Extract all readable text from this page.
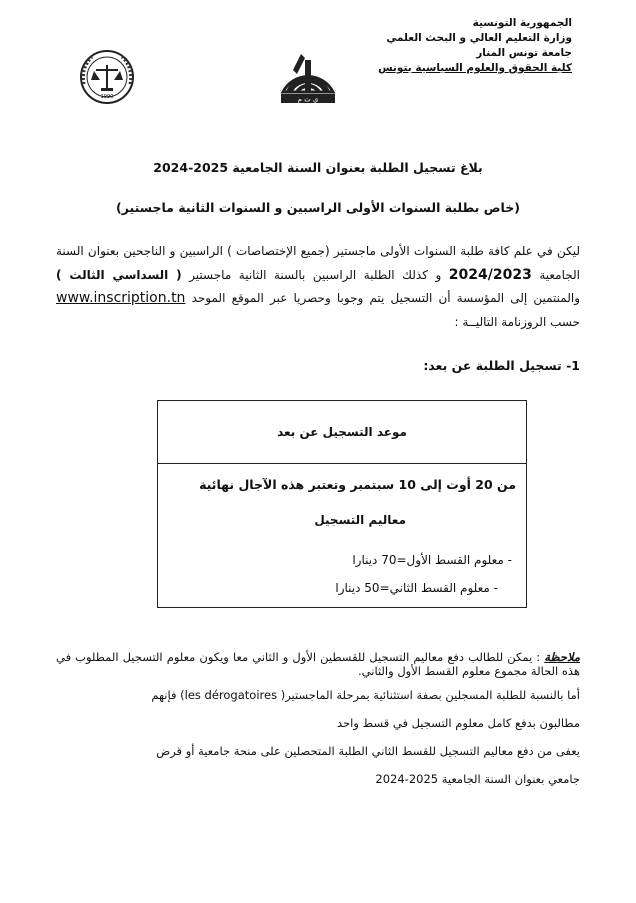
الجمهورية التونسية
وزارة التعليم العالي و البحث العلمي
جامعة تونس المنار
كلية الحقوق والعلوم السياسية بتونس
1990	ي ت م
بلاغ تسجيل الطلبة بعنوان السنة الجامعية 2025-2024
(خاص بطلبة السنوات الأولى الراسبين و السنوات الثانية ماجستير)
ليكن في علم كافة طلبة السنوات الأولى ماجستير (جميع الإختصاصات ) الراسبين و الناجحين بعنوان السنة الجامعية 2024/2023 و كذلك الطلبة الراسبين بالسنة الثانية ماجستير ( السداسي الثالث ) والمنتمين إلى المؤسسة أن التسجيل يتم وجوبا وحصريا عبر الموقع الموحد www.inscription.tn حسب الروزنامة التاليــة :
1- تسجيل الطلبة عن بعد:
موعد التسجيل عن بعد
من 20 أوت إلى 10 سبتمبر وتعتبر هذه الآجال نهائية
معاليم التسجيل
- معلوم القسط الأول=70 دينارا
- معلوم القسط الثاني=50 دينارا
ملاحظة : يمكن للطالب دفع معاليم التسجيل للقسطين الأول و الثاني معا ويكون معلوم التسجيل المطلوب في هذه الحالة مجموع معلوم القسط الأول والثاني.
أما بالنسبة للطلبة المسجلين بصفة استثنائية بمرحلة الماجستير( les dérogatoires) فإنهم
مطالبون بدفع كامل معلوم التسجيل في قسط واحد
يعفى من دفع معاليم التسجيل للقسط الثاني الطلبة المتحصلين على منحة جامعية أو قرض
جامعي بعنوان السنة الجامعية 2025-2024
